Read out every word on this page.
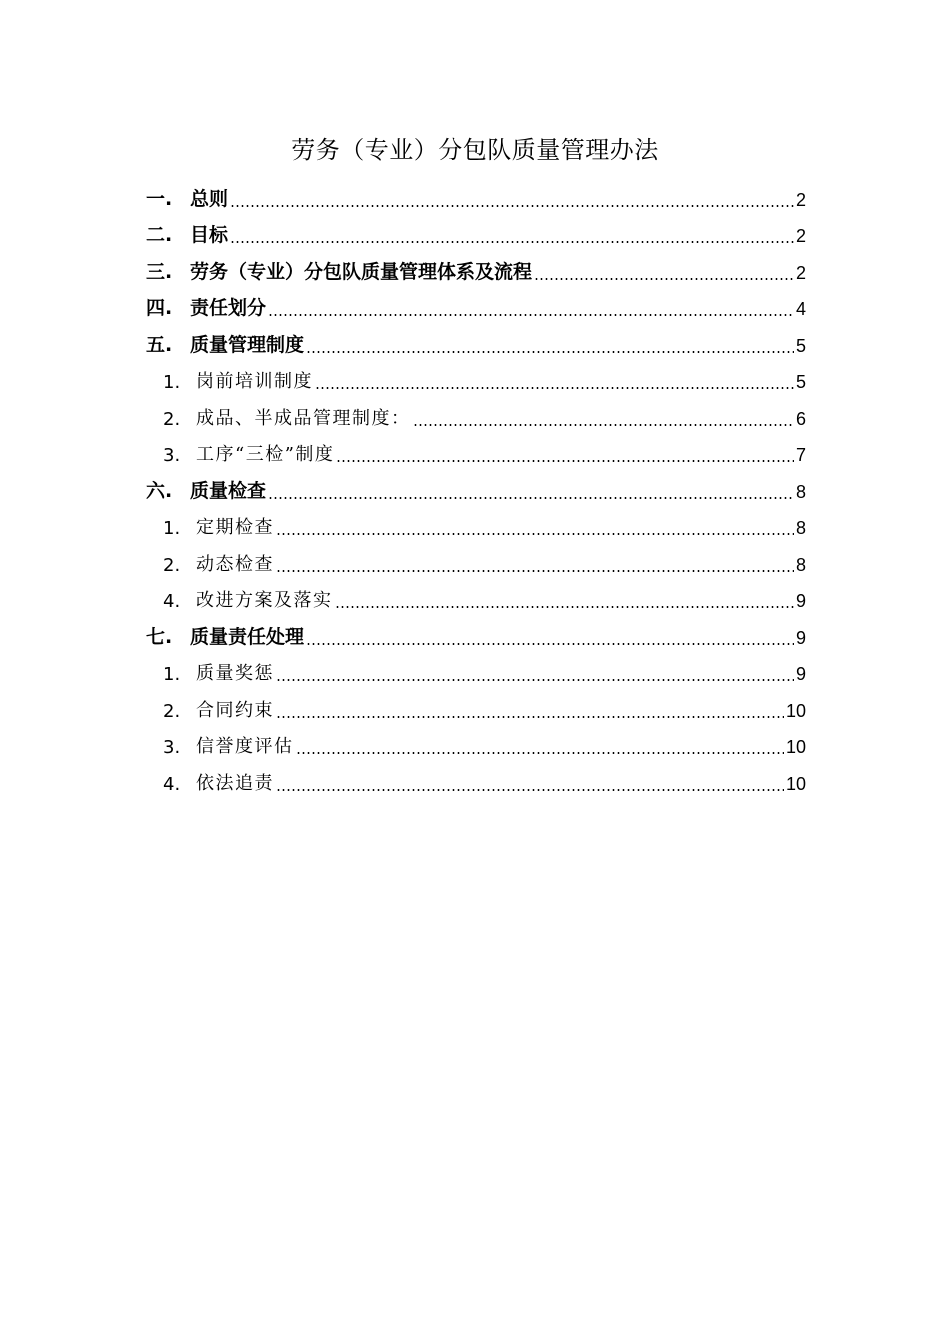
劳务（专业）分包队质量管理办法
一. 总则	2
二. 目标	2
三. 劳务（专业）分包队质量管理体系及流程	2
四. 责任划分	4
五. 质量管理制度	5
1. 岗前培训制度	5
2. 成品、半成品管理制度：	6
3. 工序“三检”制度	7
六. 质量检查	8
1. 定期检查	8
2. 动态检查	8
4. 改进方案及落实	9
七. 质量责任处理	9
1. 质量奖惩	9
2. 合同约束	10
3. 信誉度评估	10
4. 依法追责	10
